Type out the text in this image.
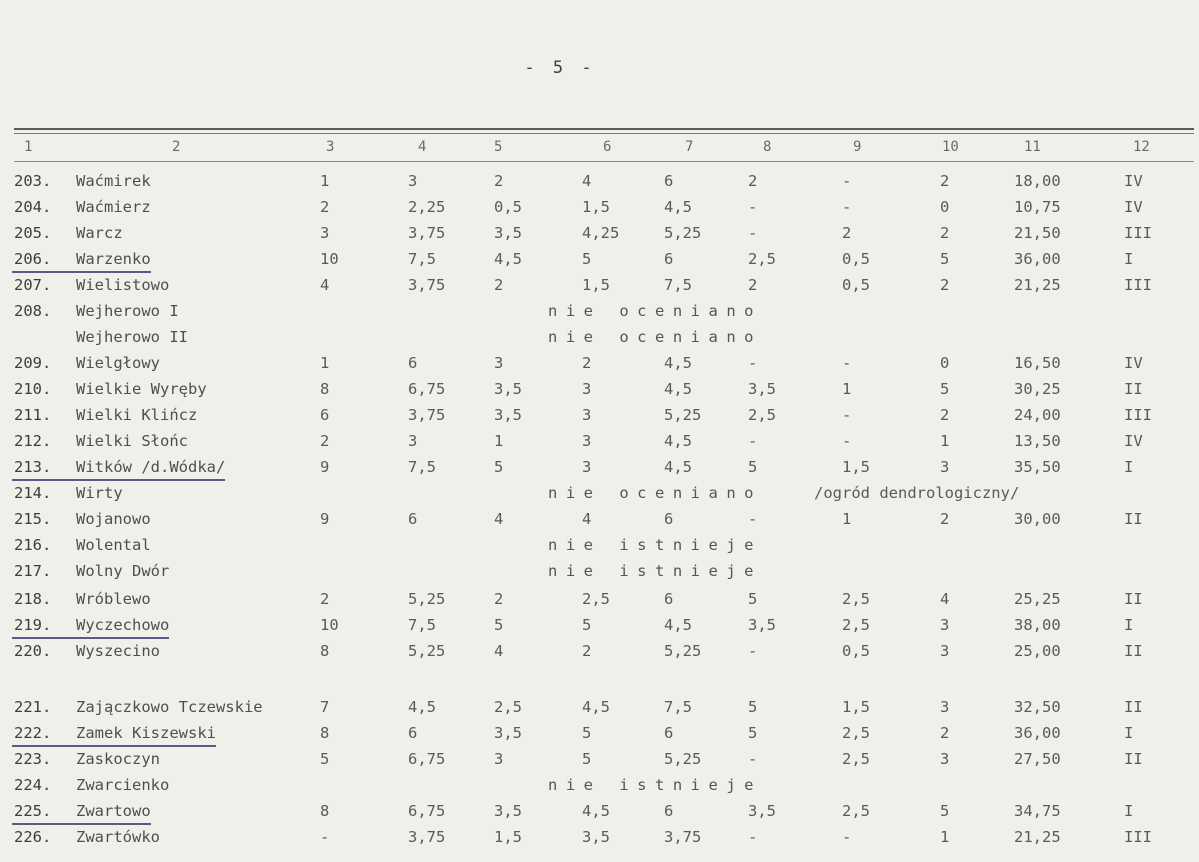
- 5 -
1	2	3	4	5	6	7	8	9	10	11	12
203. Waćmirek	1	3	2	4	6	2	-	2	18,00	IV
204. Waćmierz	2	2,25	0,5	1,5	4,5	-	-	0	10,75	IV
205. Warcz	3	3,75	3,5	4,25	5,25	-	2	2	21,50	III
206. Warzenko	10	7,5	4,5	5	6	2,5	0,5	5	36,00	I
207. Wielistowo	4	3,75	2	1,5	7,5	2	0,5	2	21,25	III
208. Wejherowo I	nie oceniano
Wejherowo II	nie oceniano
209. Wielgłowy	1	6	3	2	4,5	-	-	0	16,50	IV
210. Wielkie Wyręby	8	6,75	3,5	3	4,5	3,5	1	5	30,25	II
211. Wielki Klińcz	6	3,75	3,5	3	5,25	2,5	-	2	24,00	III
212. Wielki Słońc	2	3	1	3	4,5	-	-	1	13,50	IV
213. Witków /d.Wódka/	9	7,5	5	3	4,5	5	1,5	3	35,50	I
214. Wirty	nie oceniano	/ogród dendrologiczny/
215. Wojanowo	9	6	4	4	6	-	1	2	30,00	II
216. Wolental	nie istnieje
217. Wolny Dwór	nie istnieje
218. Wróblewo	2	5,25	2	2,5	6	5	2,5	4	25,25	II
219. Wyczechowo	10	7,5	5	5	4,5	3,5	2,5	3	38,00	I
220. Wyszecino	8	5,25	4	2	5,25	-	0,5	3	25,00	II
221. Zajączkowo Tczewskie	7	4,5	2,5	4,5	7,5	5	1,5	3	32,50	II
222. Zamek Kiszewski	8	6	3,5	5	6	5	2,5	2	36,00	I
223. Zaskoczyn	5	6,75	3	5	5,25	-	2,5	3	27,50	II
224. Zwarcienko	nie istnieje
225. Zwartowo	8	6,75	3,5	4,5	6	3,5	2,5	5	34,75	I
226. Zwartówko	-	3,75	1,5	3,5	3,75	-	-	1	21,25	III
